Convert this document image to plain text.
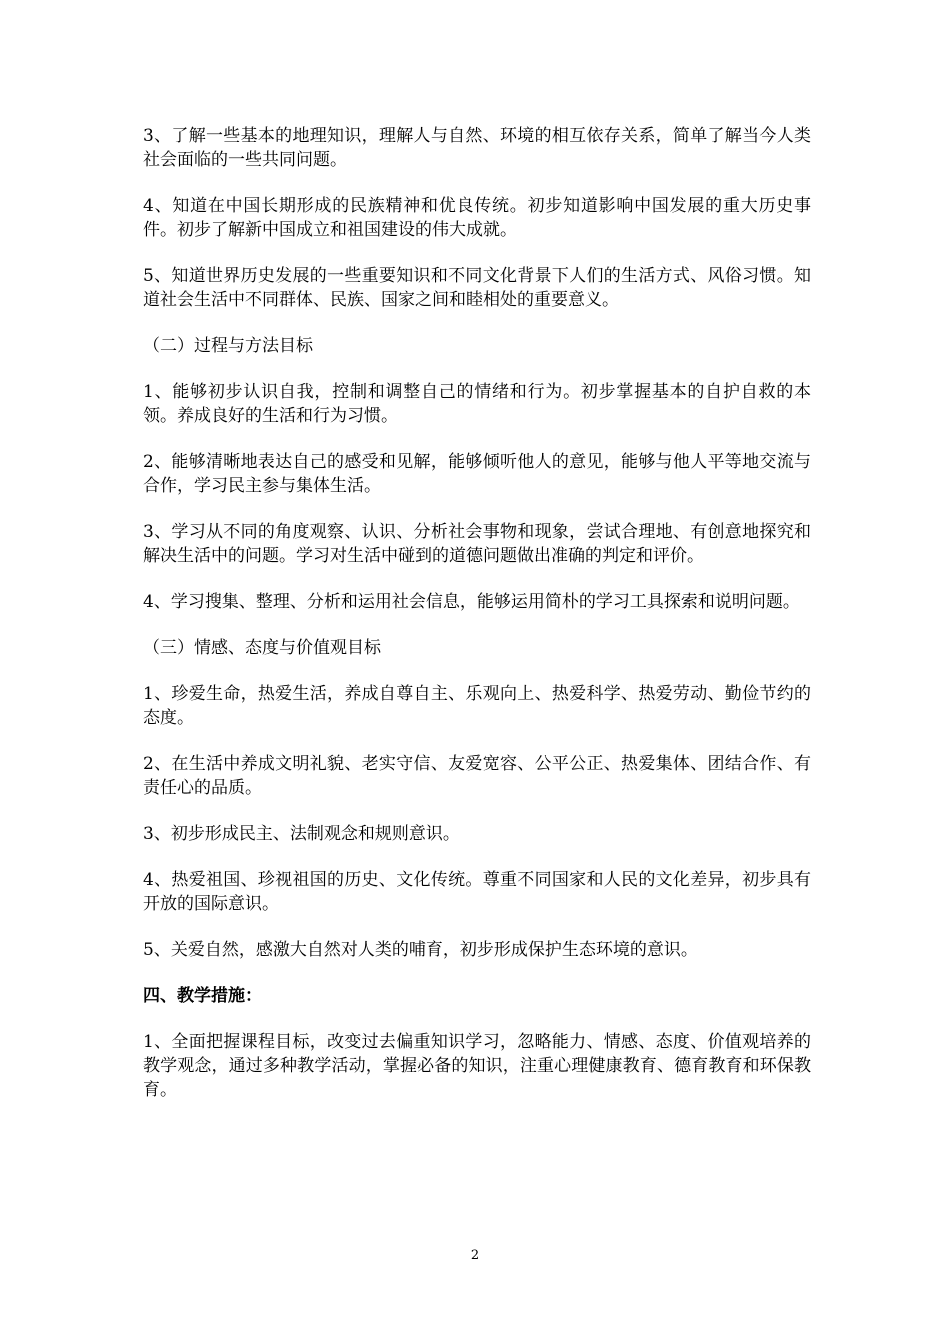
3、了解一些基本的地理知识，理解人与自然、环境的相互依存关系，简单了解当今人类社会面临的一些共同问题。

4、知道在中国长期形成的民族精神和优良传统。初步知道影响中国发展的重大历史事件。初步了解新中国成立和祖国建设的伟大成就。

5、知道世界历史发展的一些重要知识和不同文化背景下人们的生活方式、风俗习惯。知道社会生活中不同群体、民族、国家之间和睦相处的重要意义。

（二）过程与方法目标

1、能够初步认识自我，控制和调整自己的情绪和行为。初步掌握基本的自护自救的本领。养成良好的生活和行为习惯。

2、能够清晰地表达自己的感受和见解，能够倾听他人的意见，能够与他人平等地交流与合作，学习民主参与集体生活。

3、学习从不同的角度观察、认识、分析社会事物和现象，尝试合理地、有创意地探究和解决生活中的问题。学习对生活中碰到的道德问题做出准确的判定和评价。

4、学习搜集、整理、分析和运用社会信息，能够运用简朴的学习工具探索和说明问题。

（三）情感、态度与价值观目标

1、珍爱生命，热爱生活，养成自尊自主、乐观向上、热爱科学、热爱劳动、勤俭节约的态度。

2、在生活中养成文明礼貌、老实守信、友爱宽容、公平公正、热爱集体、团结合作、有责任心的品质。

3、初步形成民主、法制观念和规则意识。

4、热爱祖国、珍视祖国的历史、文化传统。尊重不同国家和人民的文化差异，初步具有开放的国际意识。

5、关爱自然，感激大自然对人类的哺育，初步形成保护生态环境的意识。

四、教学措施：

1、全面把握课程目标，改变过去偏重知识学习，忽略能力、情感、态度、价值观培养的教学观念，通过多种教学活动，掌握必备的知识，注重心理健康教育、德育教育和环保教育。

2
